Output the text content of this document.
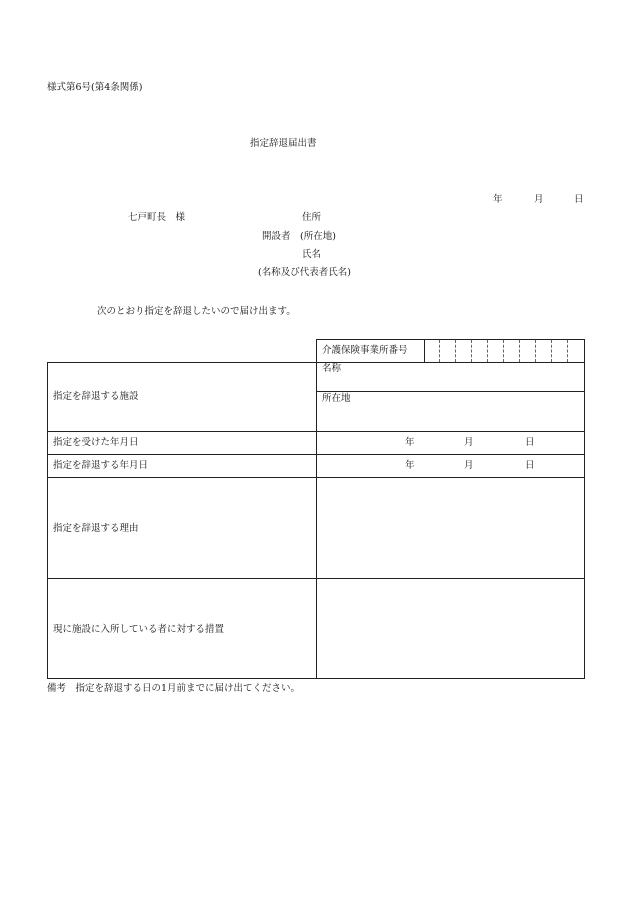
様式第6号(第4条関係)
指定辞退届出書
年	月	日
七戸町長　様	住所
開設者　(所在地)
氏名
(名称及び代表者氏名)
次のとおり指定を辞退したいので届け出ます。
介護保険事業所番号
指定を辞退する施設
名称
所在地
指定を受けた年月日	年	月	日
指定を辞退する年月日	年	月	日
指定を辞退する理由
現に施設に入所している者に対する措置
備考　指定を辞退する日の1月前までに届け出てください。
